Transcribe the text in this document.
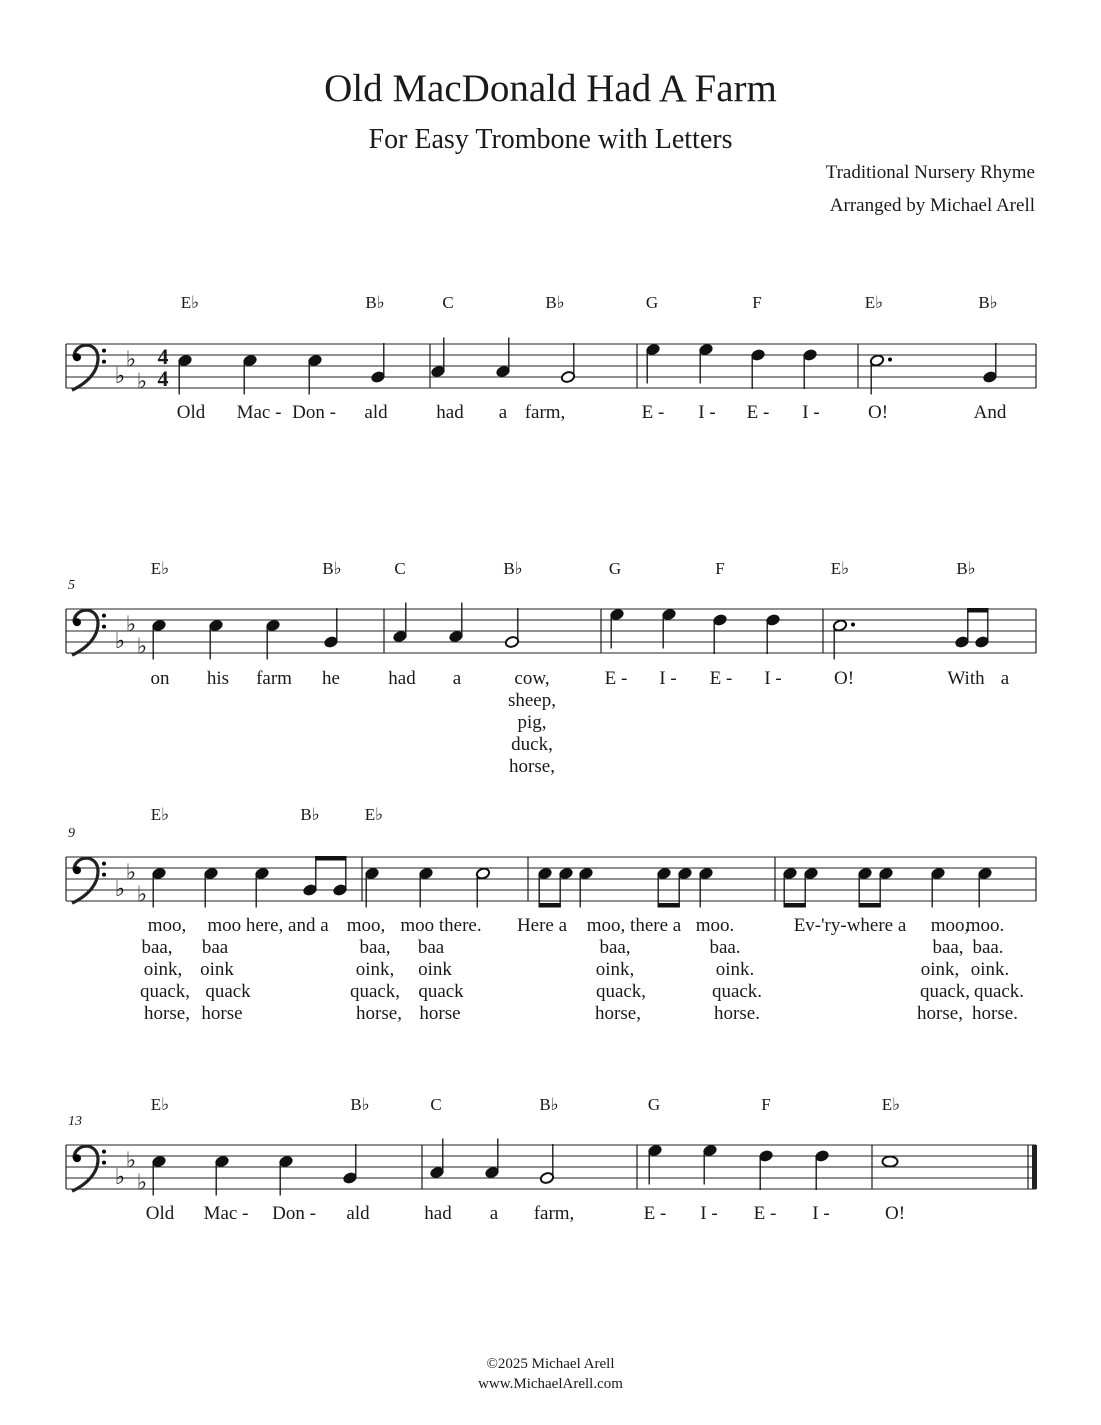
Old MacDonald Had A Farm
For Easy Trombone with Letters
Traditional Nursery Rhyme
Arranged by Michael Arell
♭
♭
♭
4
4
E♭	B♭	C	B♭	G	F	E♭	B♭
Old Mac - Don - ald	had a farm,	E - I - E - I -	O!	And
♭
♭
♭
5
E♭	B♭	C	B♭	G	F	E♭	B♭
on his farm he	had a	cow,	E - I - E - I -	O!	With a
sheep,
pig,
duck,
horse,
♭
♭
♭
9
E♭	B♭	E♭
moo, moo here, and a moo, moo there. Here a moo, there a moo.	Ev-'ry-where a moo,
moo.
baa, baa	baa, baa	baa,	baa.	baa, baa.
oink, oink	oink, oink	oink,	oink.	oink, oink.
quack, quack	quack, quack	quack,	quack.	quack, quack.
horse, horse	horse, horse	horse,	horse.	horse, horse.
♭
♭
♭
13
E♭	B♭	C	B♭	G	F	E♭
Old Mac - Don - ald	had a farm,	E - I - E - I -	O!
©2025 Michael Arell
www.MichaelArell.com
